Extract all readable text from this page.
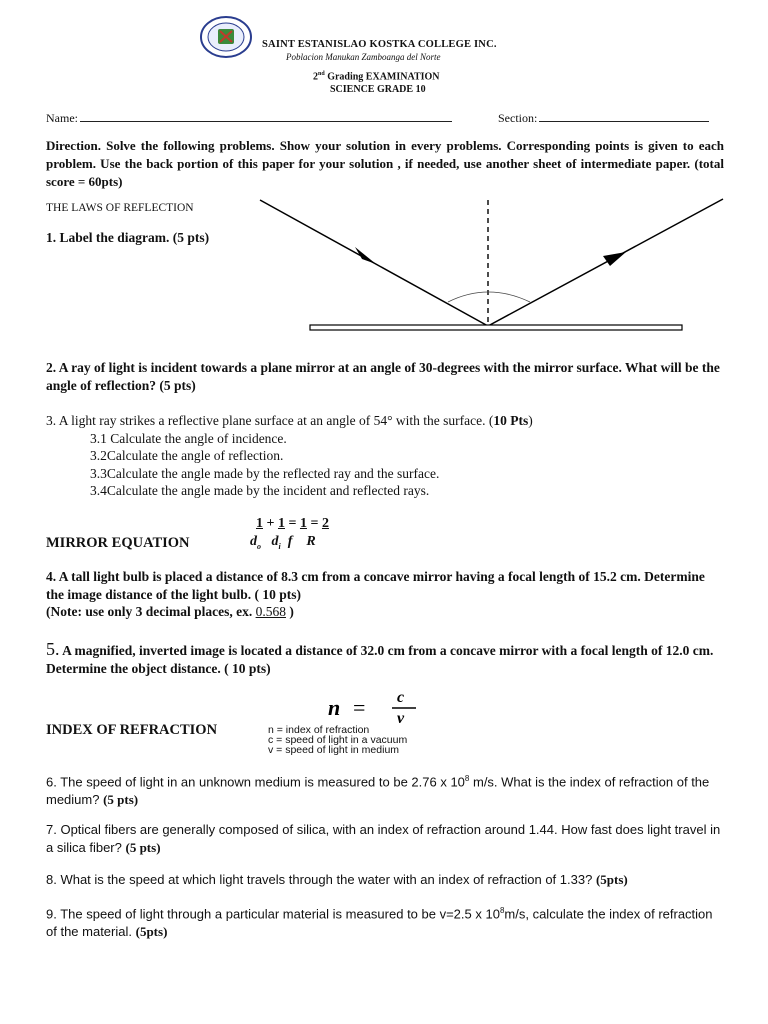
SAINT ESTANISLAO KOSTKA COLLEGE INC.
Poblacion Manukan Zamboanga del Norte
2nd Grading EXAMINATION
SCIENCE GRADE 10
Name:	Section:
Direction. Solve the following problems. Show your solution in every problems. Corresponding points is given to each problem. Use the back portion of this paper for your solution , if needed, use another sheet of intermediate paper. (total score = 60pts)
THE LAWS OF REFLECTION
1. Label the diagram. (5 pts)
2. A ray of light is incident towards a plane mirror at an angle of 30-degrees with the mirror surface. What will be the angle of reflection? (5 pts)
3. A light ray strikes a reflective plane surface at an angle of 54° with the surface. (10 Pts)
3.1 Calculate the angle of incidence.
3.2Calculate the angle of reflection.
3.3Calculate the angle made by the reflected ray and the surface.
3.4Calculate the angle made by the incident and reflected rays.
1 + 1 = 1 = 2
$d_o$ $d_i$ f R
MIRROR EQUATION
4. A tall light bulb is placed a distance of 8.3 cm from a concave mirror having a focal length of 15.2 cm. Determine the image distance of the light bulb. ( 10 pts)
(Note: use only 3 decimal places, ex. 0.568 )
5. A magnified, inverted image is located a distance of 32.0 cm from a concave mirror with a focal length of 12.0 cm. Determine the object distance. ( 10 pts)
n = c
v
n = index of refraction
c = speed of light in a vacuum
v = speed of light in medium
INDEX OF REFRACTION
6. The speed of light in an unknown medium is measured to be 2.76 x $10^8$ m/s. What is the index of refraction of the medium? (5 pts)
7. Optical fibers are generally composed of silica, with an index of refraction around 1.44. How fast does light travel in a silica fiber? (5 pts)
8. What is the speed at which light travels through the water with an index of refraction of 1.33? (5pts)
9. The speed of light through a particular material is measured to be v=2.5 x $10^8m/s$, calculate the index of refraction of the material. (5pts)
